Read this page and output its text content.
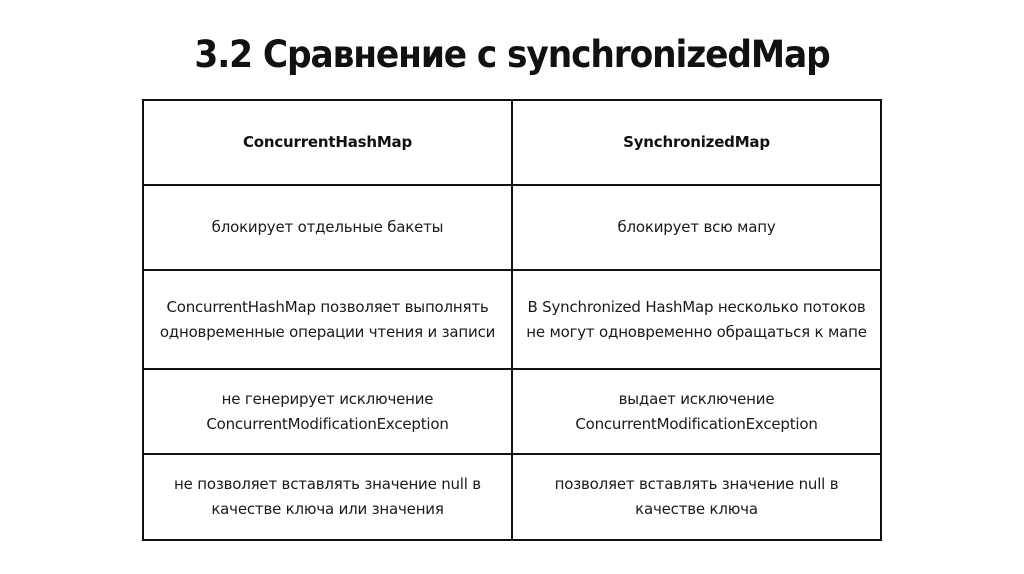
3.2 Сравнение с synchronizedMap
ConcurrentHashMap	SynchronizedMap
блокирует отдельные бакеты	блокирует всю мапу
ConcurrentHashMap позволяет выполнять одновременные операции чтения и записи	В Synchronized HashMap несколько потоков не могут одновременно обращаться к мапе
не генерирует исключение ConcurrentModificationException	выдает исключение ConcurrentModificationException
не позволяет вставлять значение null в качестве ключа или значения	позволяет вставлять значение null в качестве ключа
